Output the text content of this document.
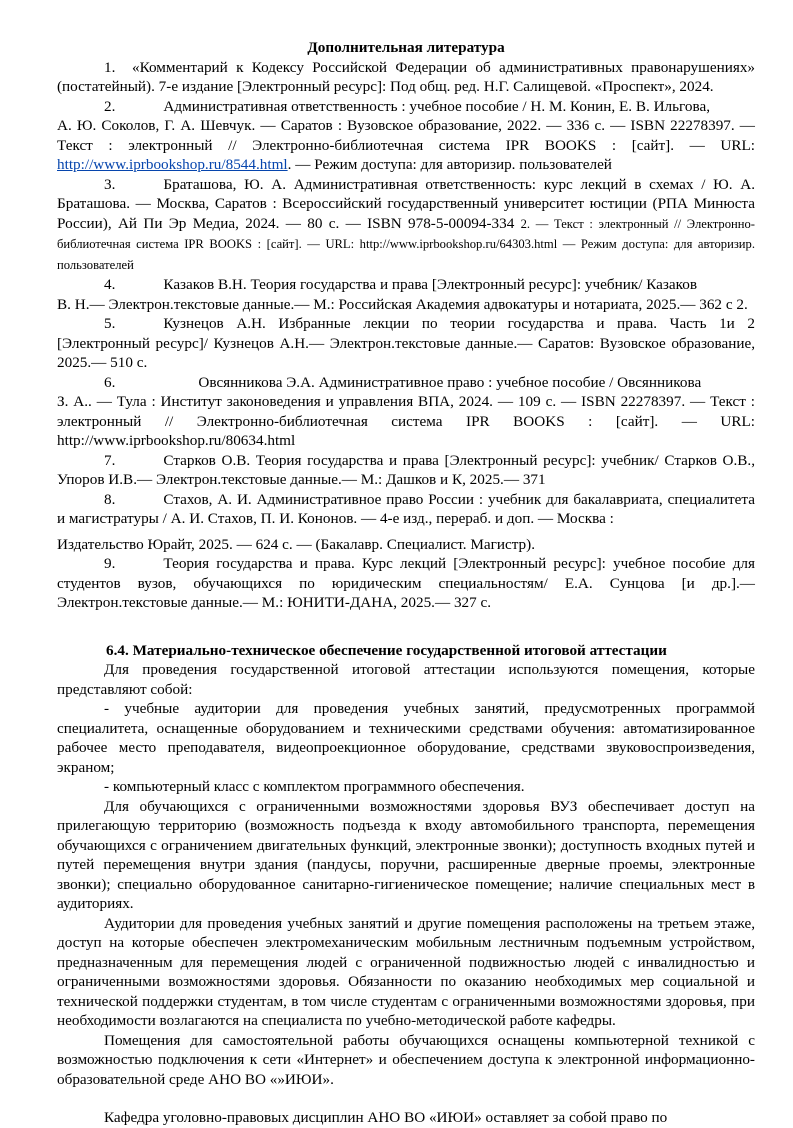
Дополнительная литература

1. «Комментарий к Кодексу Российской Федерации об административных правонарушениях» (постатейный). 7-е издание [Электронный ресурс]: Под общ. ред. Н.Г. Салищевой. «Проспект», 2024.

2.	Административная ответственность : учебное пособие / Н. М. Конин, Е. В. Ильгова,

А. Ю. Соколов, Г. А. Шевчук. — Саратов : Вузовское образование, 2022. — 336 с. — ISBN 22278397. — Текст : электронный // Электронно-библиотечная система IPR BOOKS : [сайт]. — URL: http://www.iprbookshop.ru/8544.html. — Режим доступа: для авторизир. пользователей

3.	Браташова, Ю. А. Административная ответственность: курс лекций в схемах / Ю. А. Браташова. — Москва, Саратов : Всероссийский государственный университет юстиции (РПА Минюста России), Ай Пи Эр Медиа, 2024. — 80 с. — ISBN 978-5-00094-334 2. — Текст : электронный // Электронно-библиотечная система IPR BOOKS : [сайт]. — URL: http://www.iprbookshop.ru/64303.html — Режим доступа: для авторизир. пользователей

4.	Казаков В.Н. Теория государства и права [Электронный ресурс]: учебник/ Казаков

В. Н.— Электрон.текстовые данные.— М.: Российская Академия адвокатуры и нотариата, 2025.— 362 с 2.

5.	Кузнецов А.Н. Избранные лекции по теории государства и права. Часть 1и 2 [Электронный ресурс]/ Кузнецов А.Н.— Электрон.текстовые данные.— Саратов: Вузовское образование, 2025.— 510 с.

6.	Овсянникова Э.А. Административное право : учебное пособие / Овсянникова

З. А.. — Тула : Институт законоведения и управления ВПА, 2024. — 109 с. — ISBN 22278397. — Текст : электронный // Электронно-библиотечная система IPR BOOKS : [сайт]. — URL: http://www.iprbookshop.ru/80634.html

7.	Старков О.В. Теория государства и права [Электронный ресурс]: учебник/ Старков О.В., Упоров И.В.— Электрон.текстовые данные.— М.: Дашков и К, 2025.— 371

8.	Стахов, А. И. Административное право России : учебник для бакалавриата, специалитета и магистратуры / А. И. Стахов, П. И. Кононов. — 4-е изд., перераб. и доп. — Москва :

Издательство Юрайт, 2025. — 624 с. — (Бакалавр. Специалист. Магистр).

9.	Теория государства и права. Курс лекций [Электронный ресурс]: учебное пособие для студентов вузов, обучающихся по юридическим специальностям/ Е.А. Сунцова [и др.].— Электрон.текстовые данные.— М.: ЮНИТИ-ДАНА, 2025.— 327 с.

6.4. Материально-техническое обеспечение государственной итоговой аттестации

Для проведения государственной итоговой аттестации используются помещения, которые представляют собой:

- учебные аудитории для проведения учебных занятий, предусмотренных программой специалитета, оснащенные оборудованием и техническими средствами обучения: автоматизированное рабочее место преподавателя, видеопроекционное оборудование, средствами звуковоспроизведения, экраном;

- компьютерный класс с комплектом программного обеспечения.

Для обучающихся с ограниченными возможностями здоровья ВУЗ обеспечивает доступ на прилегающую территорию (возможность подъезда к входу автомобильного транспорта, перемещения обучающихся с ограничением двигательных функций, электронные звонки); доступность входных путей и путей перемещения внутри здания (пандусы, поручни, расширенные дверные проемы, электронные звонки); специально оборудованное санитарно-гигиеническое помещение; наличие специальных мест в аудиториях.

Аудитории для проведения учебных занятий и другие помещения расположены на третьем этаже, доступ на которые обеспечен электромеханическим мобильным лестничным подъемным устройством, предназначенным для перемещения людей с ограниченной подвижностью людей с инвалидностью и ограниченными возможностями здоровья. Обязанности по оказанию необходимых мер социальной и технической поддержки студентам, в том числе студентам с ограниченными возможностями здоровья, при необходимости возлагаются на специалиста по учебно-методической работе кафедры.

Помещения для самостоятельной работы обучающихся оснащены компьютерной техникой с возможностью подключения к сети «Интернет» и обеспечением доступа к электронной информационно-образовательной среде АНО ВО «»ИЮИ».

Кафедра уголовно-правовых дисциплин АНО ВО «ИЮИ» оставляет за собой право по
